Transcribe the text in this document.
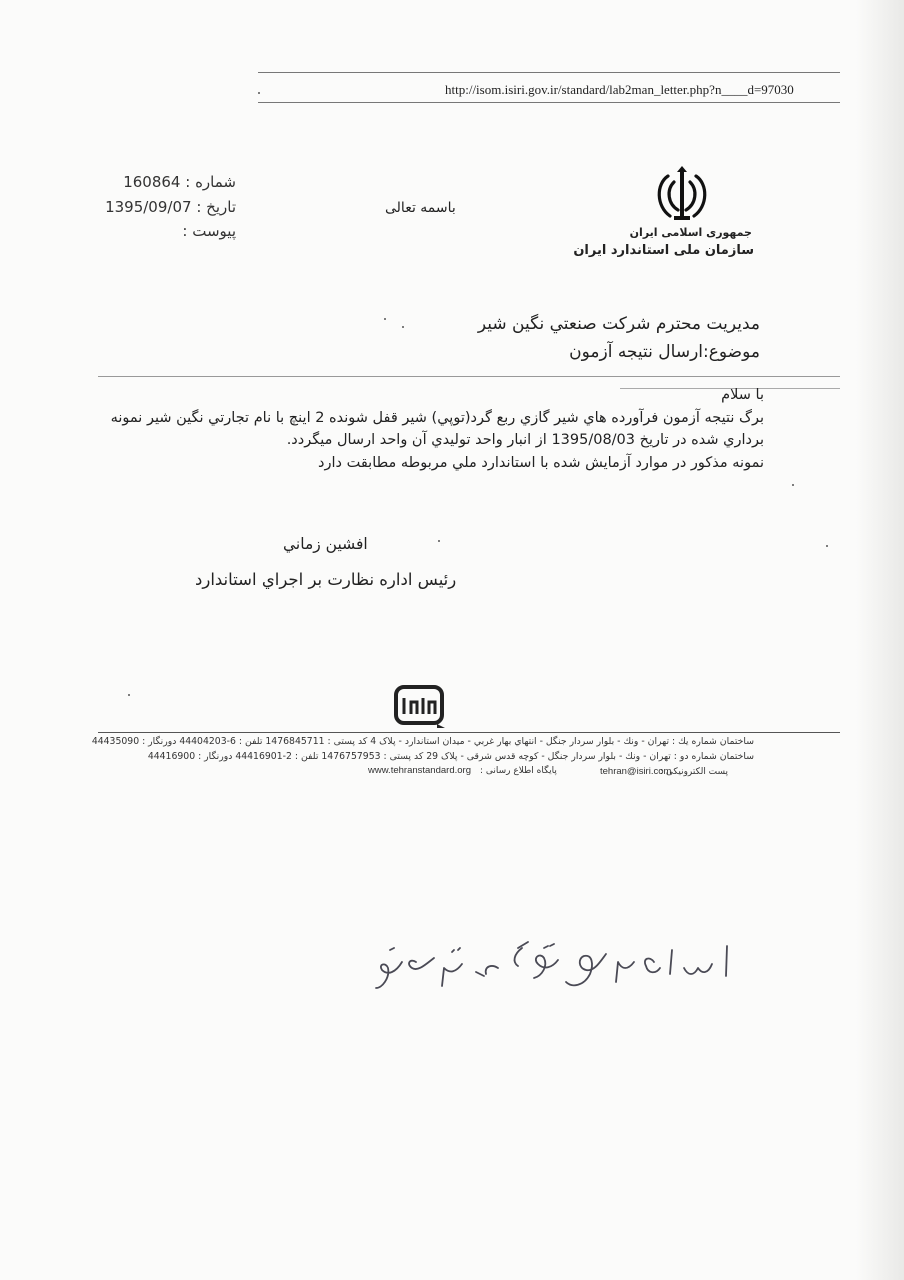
http://isom.isiri.gov.ir/standard/lab2man_letter.php?n____d=97030
شماره : 160864
تاریخ : 1395/09/07
پیوست :
باسمه تعالی
جمهوری اسلامی ایران
سازمان ملی استاندارد ایران
مديريت محترم شركت صنعتي نگين شير
موضوع:ارسال نتيجه آزمون

با سلام

برگ نتيجه آزمون فرآورده هاي شير گازي ربع گرد(توپي) شير قفل شونده 2 اينچ با نام تجارتي نگين شير نمونه

برداري شده در تاريخ 1395/08/03 از انبار واحد توليدي آن واحد ارسال ميگردد.

نمونه مذكور در موارد آزمايش شده با استاندارد ملي مربوطه مطابقت دارد

افشين زماني
رئيس اداره نظارت بر اجراي استاندارد
ساختمان شماره يك : تهران - ونك - بلوار سردار جنگل - انتهاي بهار غربي - ميدان استاندارد - پلاک 4 کد پستی : 1476845711 تلفن : 6-44404203 دورنگار : 44435090
ساختمان شماره دو : تهران - ونك - بلوار سردار جنگل - کوچه قدس شرقی - پلاک 29 کد پستی : 1476757953 تلفن : 2-44416901 دورنگار : 44416900
پست الکترونیکی :
tehran@isiri.com
پایگاه اطلاع رسانی :
www.tehranstandard.org
